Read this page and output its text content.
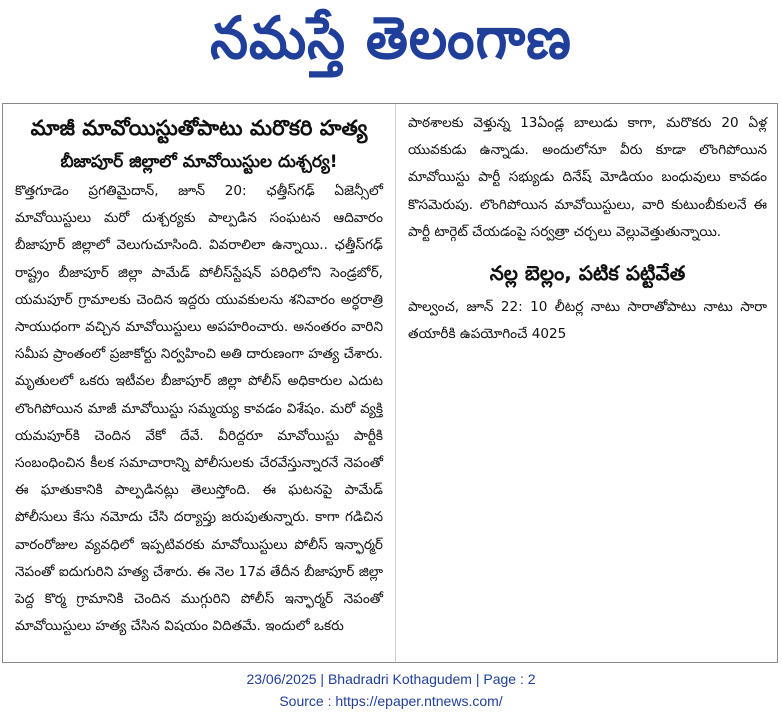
నమస్తే తెలంగాణ
మాజీ మావోయిస్టుతోపాటు మరొకరి హత్య
బీజాపూర్ జిల్లాలో మావోయిస్టుల దుశ్చర్య!

కొత్తగూడెం ప్రగతిమైదాన్, జూన్ 20: ఛత్తీస్‌గఢ్ ఏజెన్సీలో మావోయిస్టులు మరో దుశ్చర్యకు పాల్పడిన సంఘటన ఆదివారం బీజాపూర్ జిల్లాలో వెలుగుచూసింది. వివరాలిలా ఉన్నాయి.. ఛత్తీస్‌గఢ్ రాష్ట్రం బీజాపూర్ జిల్లా పామేడ్ పోలీస్‌స్టేషన్ పరిధిలోని సెండ్రబోర్, యమపూర్ గ్రామాలకు చెందిన ఇద్దరు యువకులను శనివారం అర్ధరాత్రి సాయుధంగా వచ్చిన మావోయిస్టులు అపహరించారు. అనంతరం వారిని సమీప ప్రాంతంలో ప్రజాకోర్టు నిర్వహించి అతి దారుణంగా హత్య చేశారు. మృతులలో ఒకరు ఇటీవల బీజాపూర్ జిల్లా పోలీస్ అధికారుల ఎదుట లొంగిపోయిన మాజీ మావోయిస్టు సమ్మయ్య కావడం విశేషం. మరో వ్యక్తి యమపూర్‌కి చెందిన వేకో దేవే. వీరిద్దరూ మావోయిస్టు పార్టీకి సంబంధించిన కీలక సమాచారాన్ని పోలీసులకు చేరవేస్తున్నారనే నెపంతో ఈ ఘాతుకానికి పాల్పడినట్లు తెలుస్తోంది. ఈ ఘటనపై పామేడ్ పోలీసులు కేసు నమోదు చేసి దర్యాప్తు జరుపుతున్నారు. కాగా గడిచిన వారంరోజుల వ్యవధిలో ఇప్పటివరకు మావోయిస్టులు పోలీస్ ఇన్ఫార్మర్ నెపంతో ఐదుగురిని హత్య చేశారు. ఈ నెల 17వ తేదీన బీజాపూర్ జిల్లా పెద్ద కొర్మ గ్రామానికి చెందిన ముగ్గురిని పోలీస్ ఇన్ఫార్మర్ నెపంతో మావోయిస్టులు హత్య చేసిన విషయం విదితమే. ఇందులో ఒకరు

పాఠశాలకు వెళ్తున్న 13ఏండ్ల బాలుడు కాగా, మరొకరు 20 ఏళ్ల యువకుడు ఉన్నాడు. అందులోనూ వీరు కూడా లొంగిపోయిన మావోయిస్టు పార్టీ సభ్యుడు దినేష్ మోడియం బంధువులు కావడం కొసమెరుపు. లొంగిపోయిన మావోయిస్టులు, వారి కుటుంబీకులనే ఈ పార్టీ టార్గెట్ చేయడంపై సర్వత్రా చర్చలు వెల్లువెత్తుతున్నాయి.

నల్ల బెల్లం, పటిక పట్టివేత

పాల్వంచ, జూన్ 22: 10 లీటర్ల నాటు సారాతోపాటు నాటు సారా తయారీకి ఉపయోగించే 4025

23/06/2025 | Bhadradri Kothagudem | Page : 2
Source : https://epaper.ntnews.com/
